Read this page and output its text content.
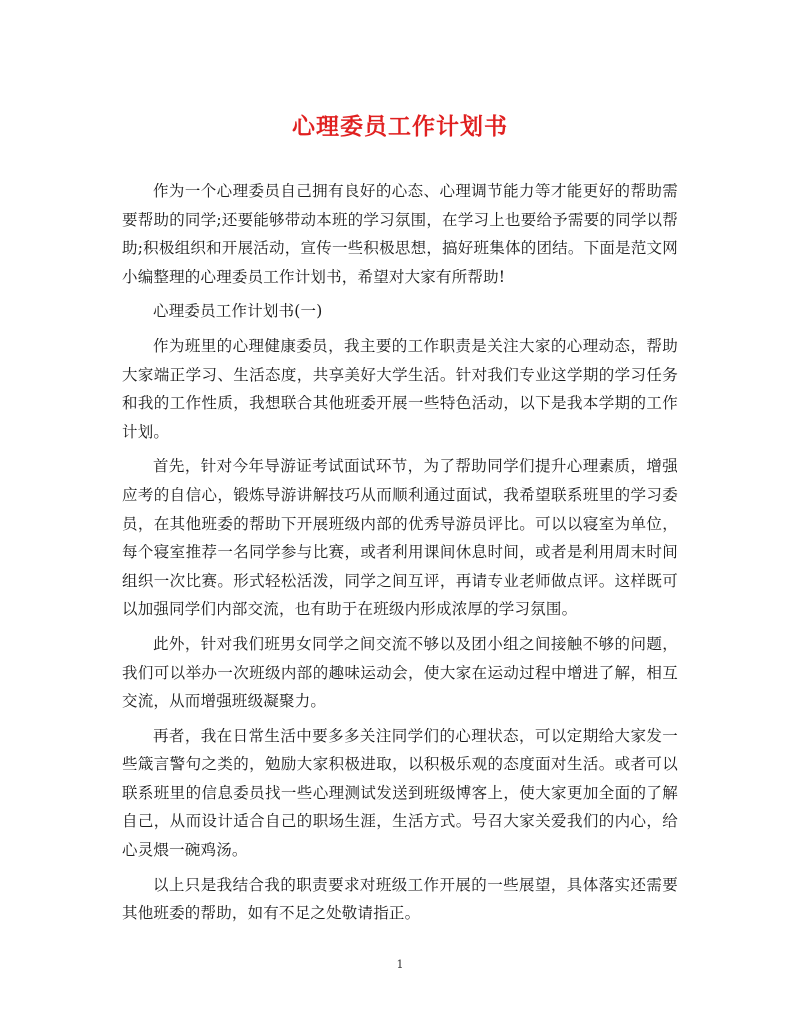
心理委员工作计划书

作为一个心理委员自己拥有良好的心态、心理调节能力等才能更好的帮助需要帮助的同学;还要能够带动本班的学习氛围，在学习上也要给予需要的同学以帮助;积极组织和开展活动，宣传一些积极思想，搞好班集体的团结。下面是范文网小编整理的心理委员工作计划书，希望对大家有所帮助!

心理委员工作计划书(一)

作为班里的心理健康委员，我主要的工作职责是关注大家的心理动态，帮助大家端正学习、生活态度，共享美好大学生活。针对我们专业这学期的学习任务和我的工作性质，我想联合其他班委开展一些特色活动，以下是我本学期的工作计划。

首先，针对今年导游证考试面试环节，为了帮助同学们提升心理素质，增强应考的自信心，锻炼导游讲解技巧从而顺利通过面试，我希望联系班里的学习委员，在其他班委的帮助下开展班级内部的优秀导游员评比。可以以寝室为单位，每个寝室推荐一名同学参与比赛，或者利用课间休息时间，或者是利用周末时间组织一次比赛。形式轻松活泼，同学之间互评，再请专业老师做点评。这样既可以加强同学们内部交流，也有助于在班级内形成浓厚的学习氛围。

此外，针对我们班男女同学之间交流不够以及团小组之间接触不够的问题，我们可以举办一次班级内部的趣味运动会，使大家在运动过程中增进了解，相互交流，从而增强班级凝聚力。

再者，我在日常生活中要多多关注同学们的心理状态，可以定期给大家发一些箴言警句之类的，勉励大家积极进取，以积极乐观的态度面对生活。或者可以联系班里的信息委员找一些心理测试发送到班级博客上，使大家更加全面的了解自己，从而设计适合自己的职场生涯，生活方式。号召大家关爱我们的内心，给心灵煨一碗鸡汤。

以上只是我结合我的职责要求对班级工作开展的一些展望，具体落实还需要其他班委的帮助，如有不足之处敬请指正。

1
